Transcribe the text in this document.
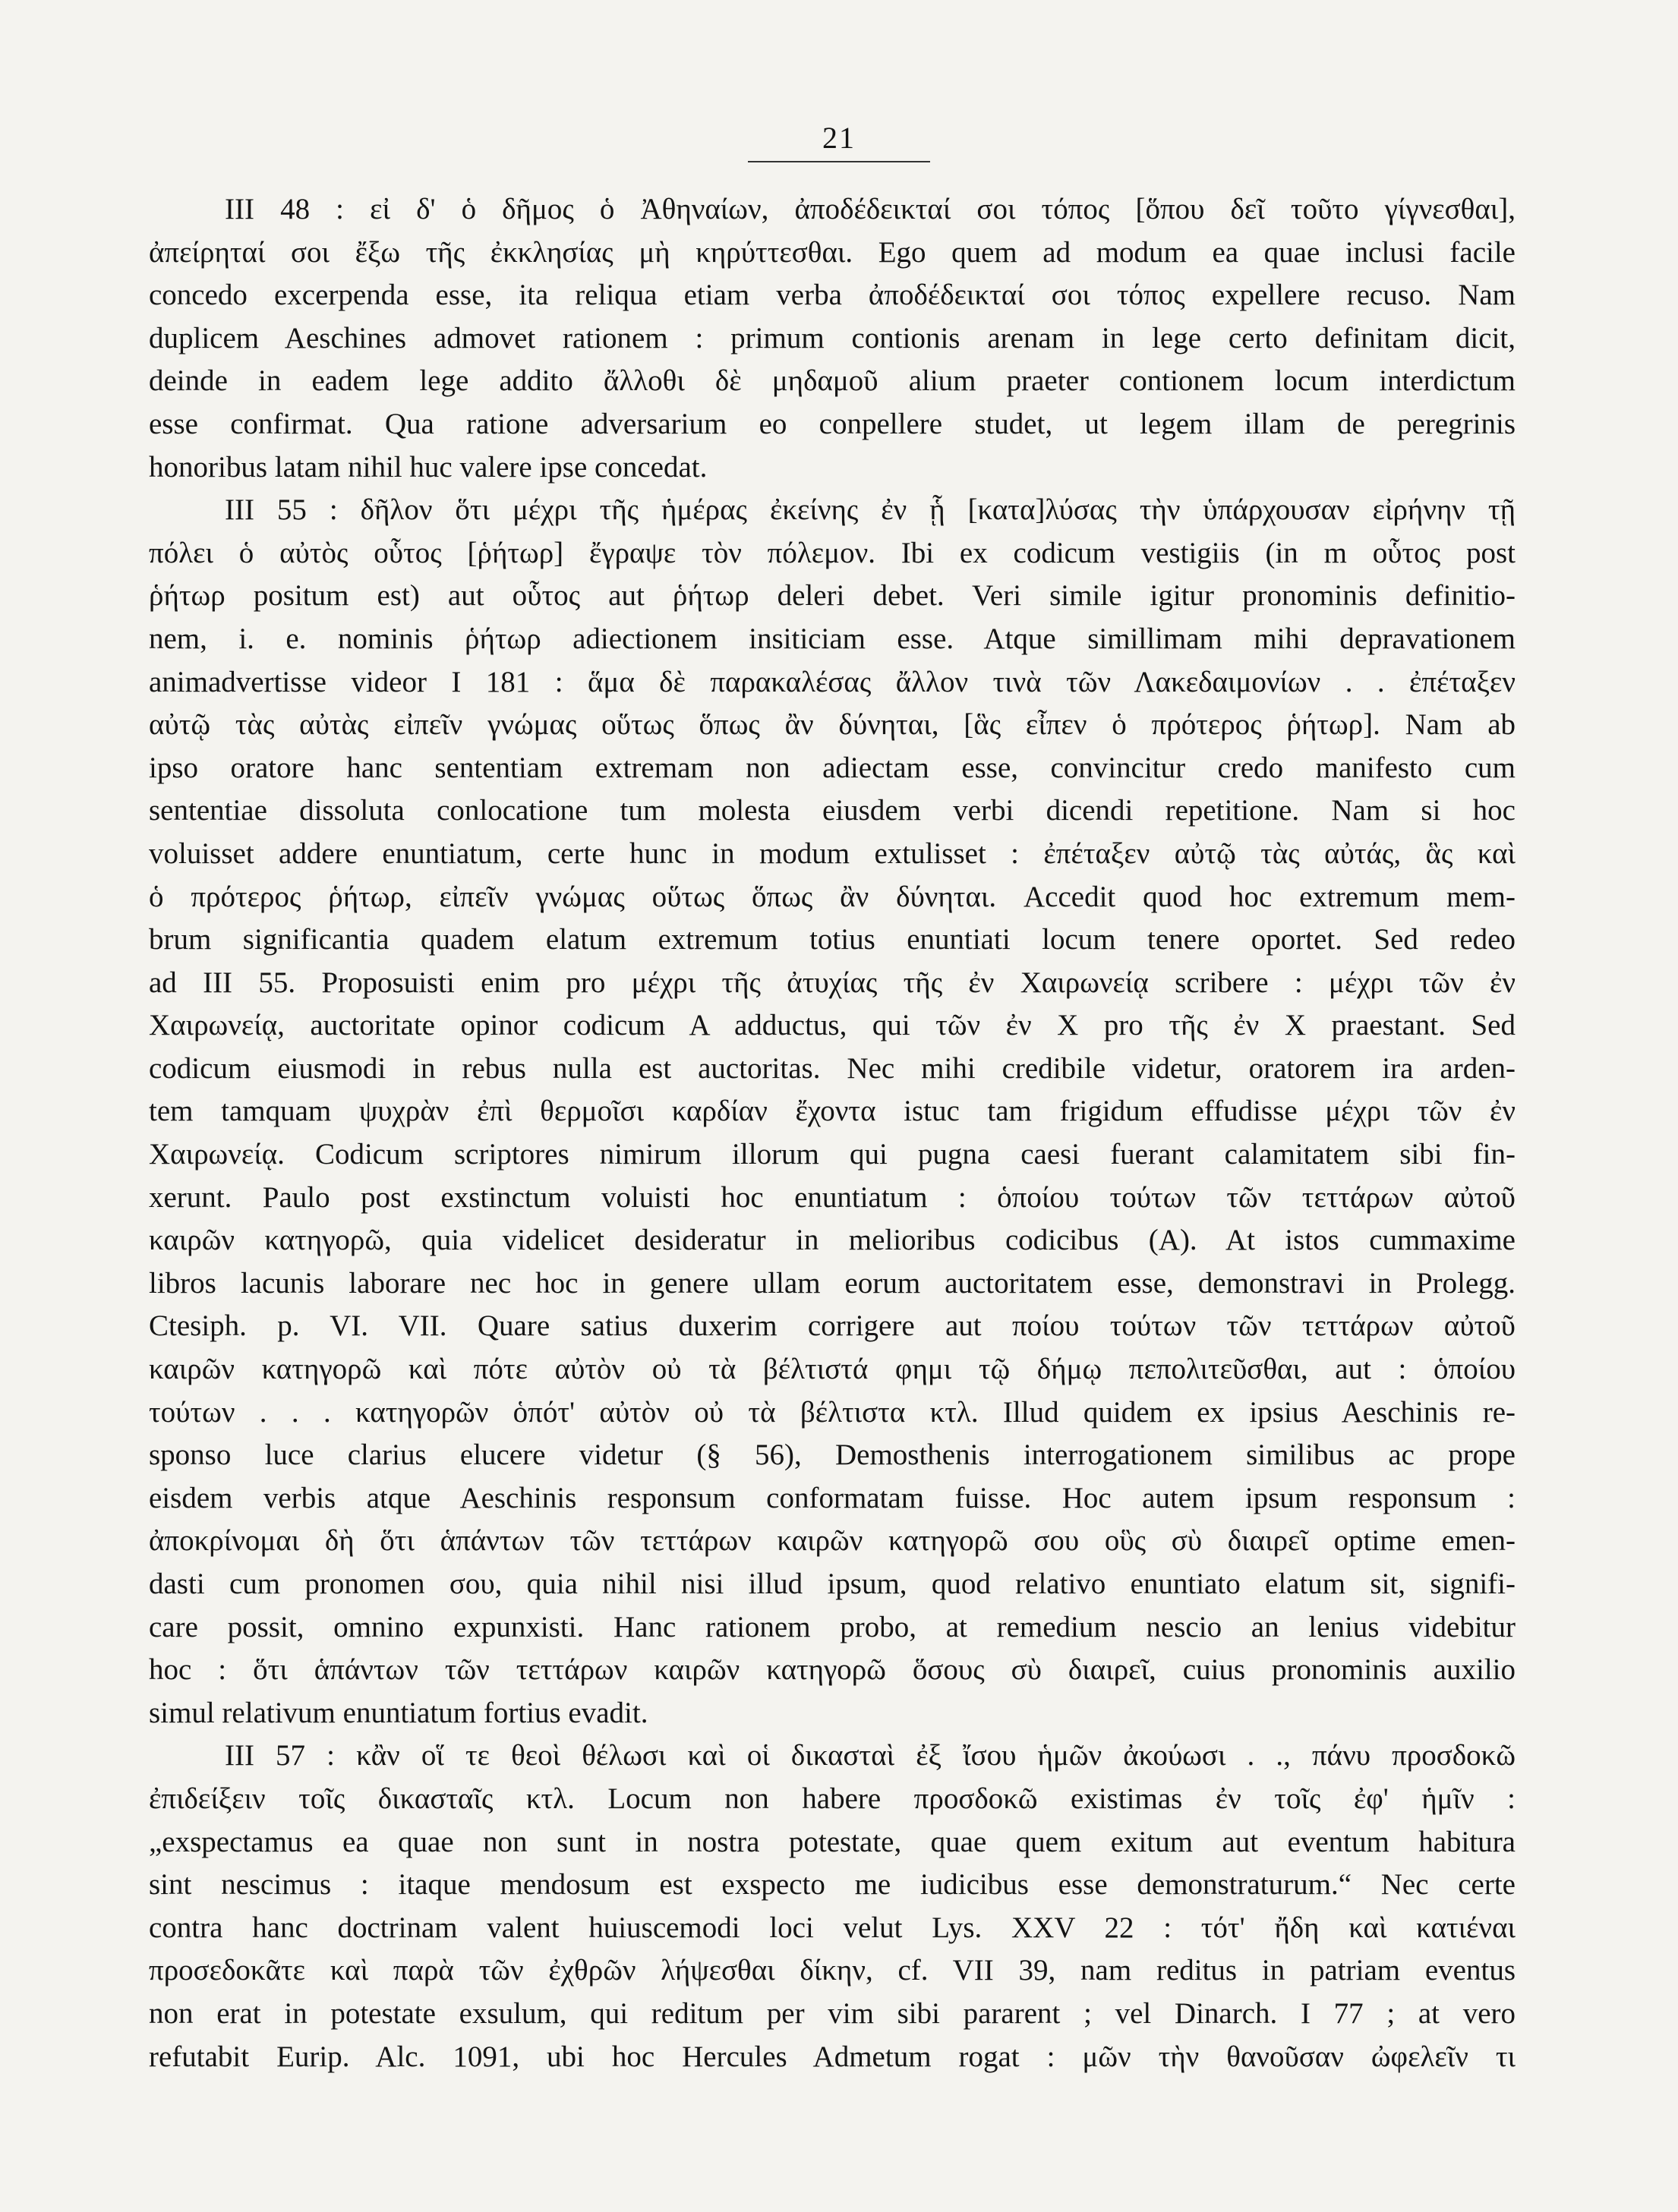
21
III 48 : εἰ δ' ὁ δῆμος ὁ Ἀθηναίων, ἀποδέδεικταί σοι τόπος [ὅπου δεῖ τοῦτο γίγνεσθαι],
ἀπείρηταί σοι ἔξω τῆς ἐκκλησίας μὴ κηρύττεσθαι. Ego quem ad modum ea quae inclusi facile
concedo excerpenda esse, ita reliqua etiam verba ἀποδέδεικταί σοι τόπος expellere recuso. Nam
duplicem Aeschines admovet rationem : primum contionis arenam in lege certo definitam dicit,
deinde in eadem lege addito ἄλλοθι δὲ μηδαμοῦ alium praeter contionem locum interdictum
esse confirmat. Qua ratione adversarium eo conpellere studet, ut legem illam de peregrinis
honoribus latam nihil huc valere ipse concedat.
III 55 : δῆλον ὅτι μέχρι τῆς ἡμέρας ἐκείνης ἐν ᾗ [κατα]λύσας τὴν ὑπάρχουσαν εἰρήνην τῇ
πόλει ὁ αὐτὸς οὗτος [ῥήτωρ] ἔγραψε τὸν πόλεμον. Ibi ex codicum vestigiis (in m οὗτος post
ῥήτωρ positum est) aut οὗτος aut ῥήτωρ deleri debet. Veri simile igitur pronominis definitio-
nem, i. e. nominis ῥήτωρ adiectionem insiticiam esse. Atque simillimam mihi depravationem
animadvertisse videor I 181 : ἅμα δὲ παρακαλέσας ἄλλον τινὰ τῶν Λακεδαιμονίων . . ἐπέταξεν
αὐτῷ τὰς αὐτὰς εἰπεῖν γνώμας οὕτως ὅπως ἂν δύνηται, [ἃς εἶπεν ὁ πρότερος ῥήτωρ]. Nam ab
ipso oratore hanc sententiam extremam non adiectam esse, convincitur credo manifesto cum
sententiae dissoluta conlocatione tum molesta eiusdem verbi dicendi repetitione. Nam si hoc
voluisset addere enuntiatum, certe hunc in modum extulisset : ἐπέταξεν αὐτῷ τὰς αὐτάς, ἃς καὶ
ὁ πρότερος ῥήτωρ, εἰπεῖν γνώμας οὕτως ὅπως ἂν δύνηται. Accedit quod hoc extremum mem-
brum significantia quadem elatum extremum totius enuntiati locum tenere oportet. Sed redeo
ad III 55. Proposuisti enim pro μέχρι τῆς ἀτυχίας τῆς ἐν Χαιρωνείᾳ scribere : μέχρι τῶν ἐν
Χαιρωνείᾳ, auctoritate opinor codicum A adductus, qui τῶν ἐν Χ pro τῆς ἐν Χ praestant. Sed
codicum eiusmodi in rebus nulla est auctoritas. Nec mihi credibile videtur, oratorem ira arden-
tem tamquam ψυχρὰν ἐπὶ θερμοῖσι καρδίαν ἔχοντα istuc tam frigidum effudisse μέχρι τῶν ἐν
Χαιρωνείᾳ. Codicum scriptores nimirum illorum qui pugna caesi fuerant calamitatem sibi fin-
xerunt. Paulo post exstinctum voluisti hoc enuntiatum : ὁποίου τούτων τῶν τεττάρων αὐτοῦ
καιρῶν κατηγορῶ, quia videlicet desideratur in melioribus codicibus (A). At istos cummaxime
libros lacunis laborare nec hoc in genere ullam eorum auctoritatem esse, demonstravi in Prolegg.
Ctesiph. p. VI. VII. Quare satius duxerim corrigere aut ποίου τούτων τῶν τεττάρων αὐτοῦ
καιρῶν κατηγορῶ καὶ πότε αὐτὸν οὐ τὰ βέλτιστά φημι τῷ δήμῳ πεπολιτεῦσθαι, aut : ὁποίου
τούτων . . . κατηγορῶν ὁπότ' αὐτὸν οὐ τὰ βέλτιστα κτλ. Illud quidem ex ipsius Aeschinis re-
sponso luce clarius elucere videtur (§ 56), Demosthenis interrogationem similibus ac prope
eisdem verbis atque Aeschinis responsum conformatam fuisse. Hoc autem ipsum responsum :
ἀποκρίνομαι δὴ ὅτι ἁπάντων τῶν τεττάρων καιρῶν κατηγορῶ σου οὓς σὺ διαιρεῖ optime emen-
dasti cum pronomen σου, quia nihil nisi illud ipsum, quod relativo enuntiato elatum sit, signifi-
care possit, omnino expunxisti. Hanc rationem probo, at remedium nescio an lenius videbitur
hoc : ὅτι ἁπάντων τῶν τεττάρων καιρῶν κατηγορῶ ὅσους σὺ διαιρεῖ, cuius pronominis auxilio
simul relativum enuntiatum fortius evadit.
III 57 : κἂν οἵ τε θεοὶ θέλωσι καὶ οἱ δικασταὶ ἐξ ἴσου ἡμῶν ἀκούωσι . ., πάνυ προσδοκῶ
ἐπιδείξειν τοῖς δικασταῖς κτλ. Locum non habere προσδοκῶ existimas ἐν τοῖς ἐφ' ἡμῖν :
„exspectamus ea quae non sunt in nostra potestate, quae quem exitum aut eventum habitura
sint nescimus : itaque mendosum est exspecto me iudicibus esse demonstraturum.“ Nec certe
contra hanc doctrinam valent huiuscemodi loci velut Lys. XXV 22 : τότ' ἤδη καὶ κατιέναι
προσεδοκᾶτε καὶ παρὰ τῶν ἐχθρῶν λήψεσθαι δίκην, cf. VII 39, nam reditus in patriam eventus
non erat in potestate exsulum, qui reditum per vim sibi pararent ; vel Dinarch. I 77 ; at vero
refutabit Eurip. Alc. 1091, ubi hoc Hercules Admetum rogat : μῶν τὴν θανοῦσαν ὠφελεῖν τι
